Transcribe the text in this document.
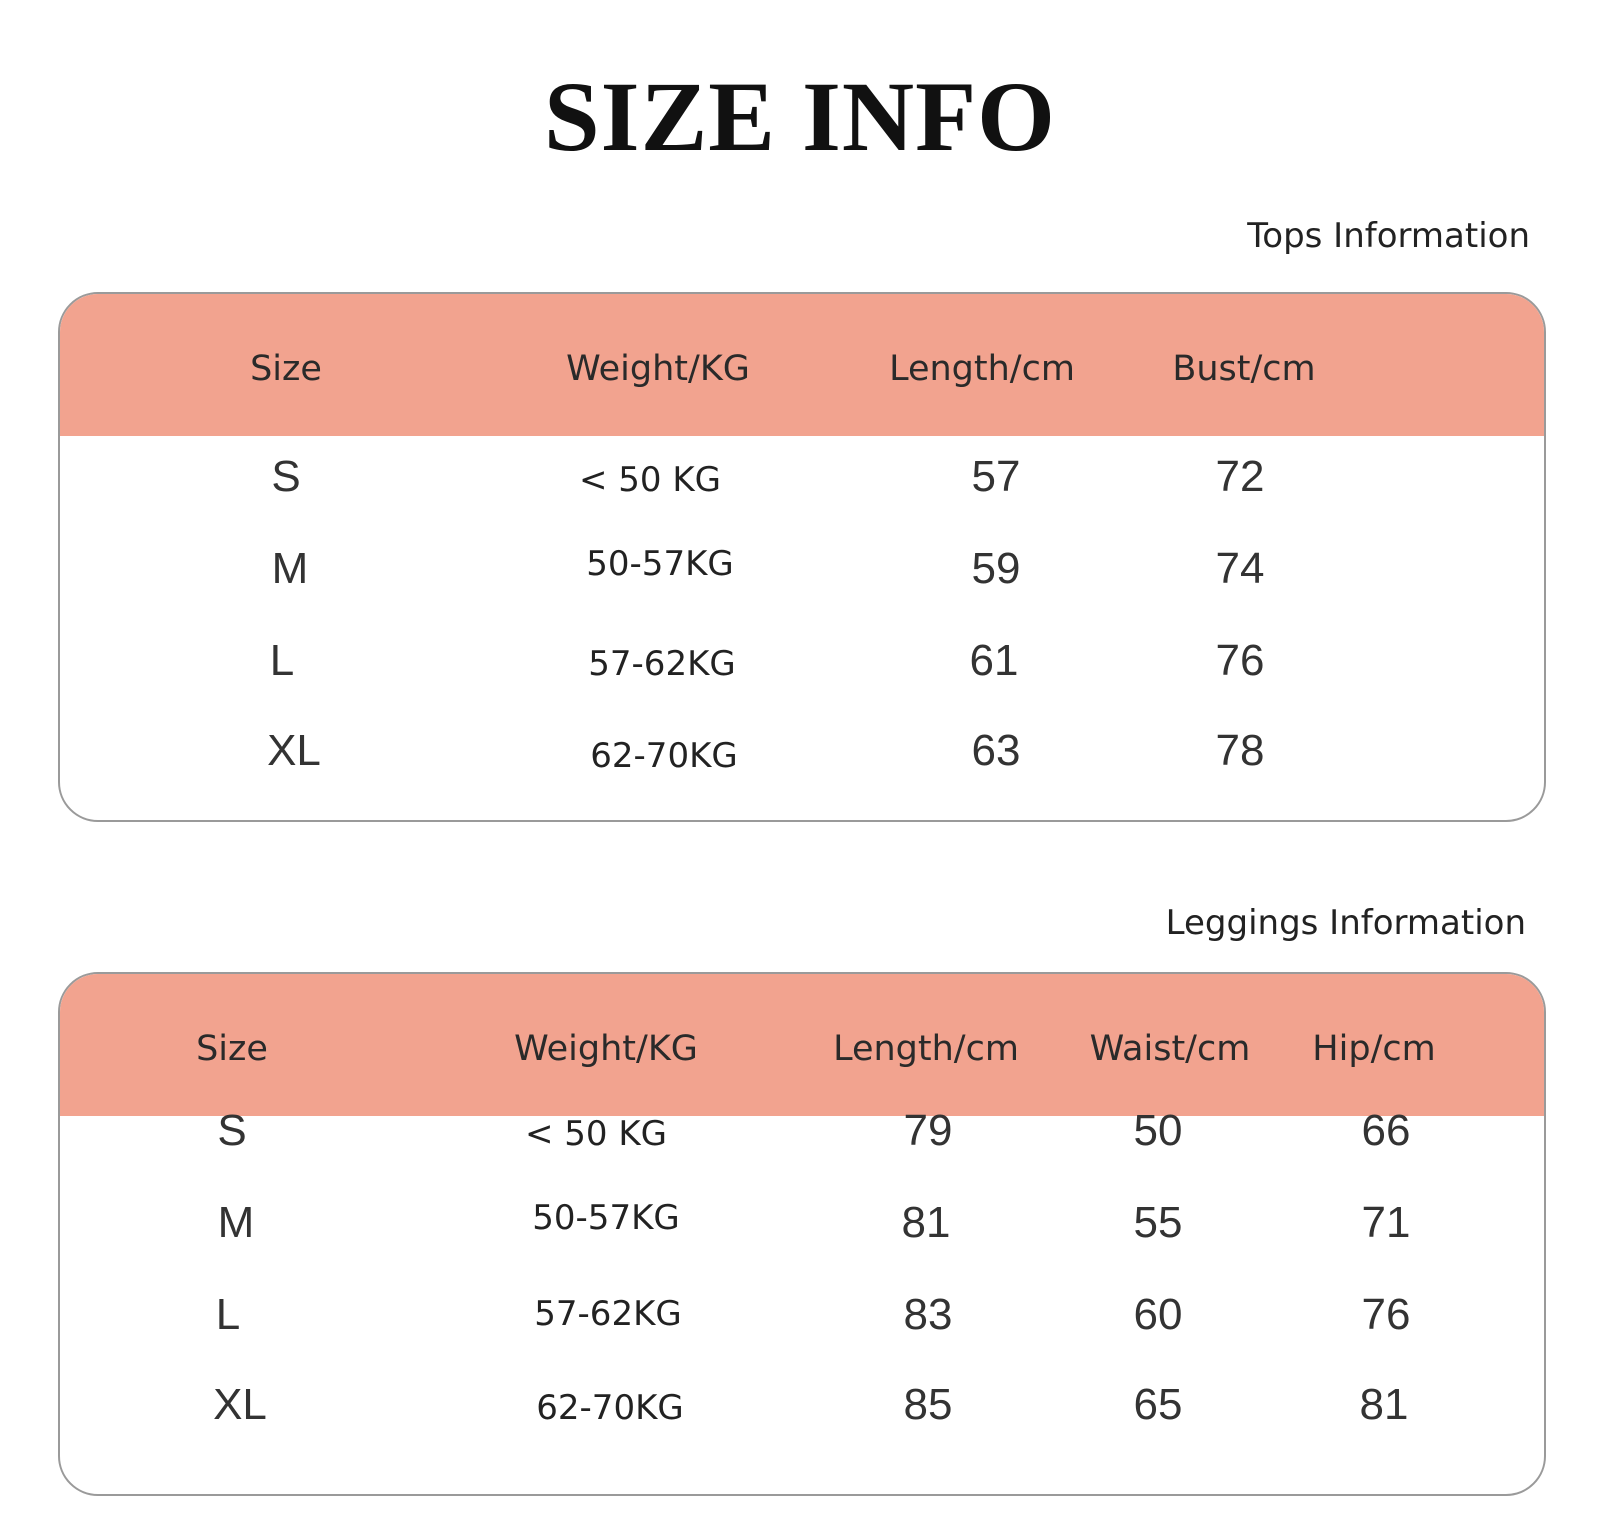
SIZE INFO
Tops Information
Size	Weight/KG	Length/cm	Bust/cm
S	< 50 KG	57	72
M	50-57KG	59	74
L	57-62KG	61	76
XL	62-70KG	63	78
Leggings Information
Size	Weight/KG	Length/cm Waist/cm Hip/cm
S	< 50 KG	79	50	66
M	50-57KG	81	55	71
L	57-62KG	83	60	76
XL	62-70KG	85	65	81
